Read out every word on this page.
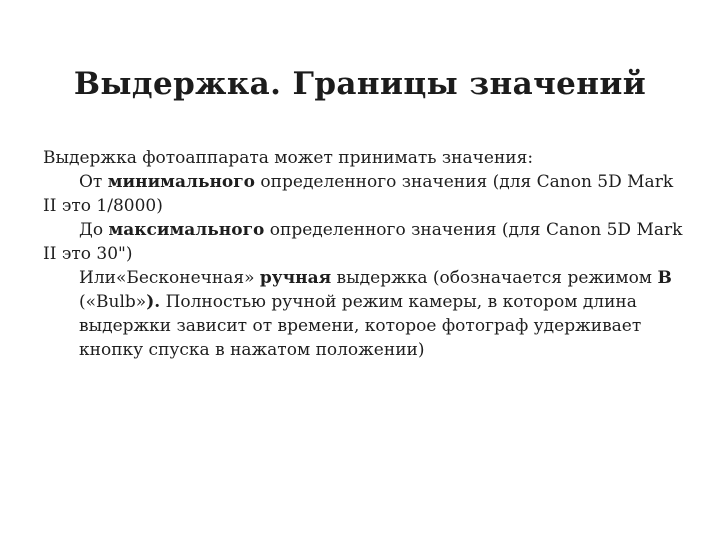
Выдержка. Границы значений

Выдержка фотоаппарата может принимать значения:

От минимального определенного значения (для Canon 5D Mark II это 1/8000)

До максимального определенного значения (для Canon 5D Mark II это 30")

Или«Бесконечная» ручная выдержка (обозначается режимом B («Bulb»). Полностью ручной режим камеры, в котором длина выдержки зависит от времени, которое фотограф удерживает кнопку спуска в нажатом положении)
